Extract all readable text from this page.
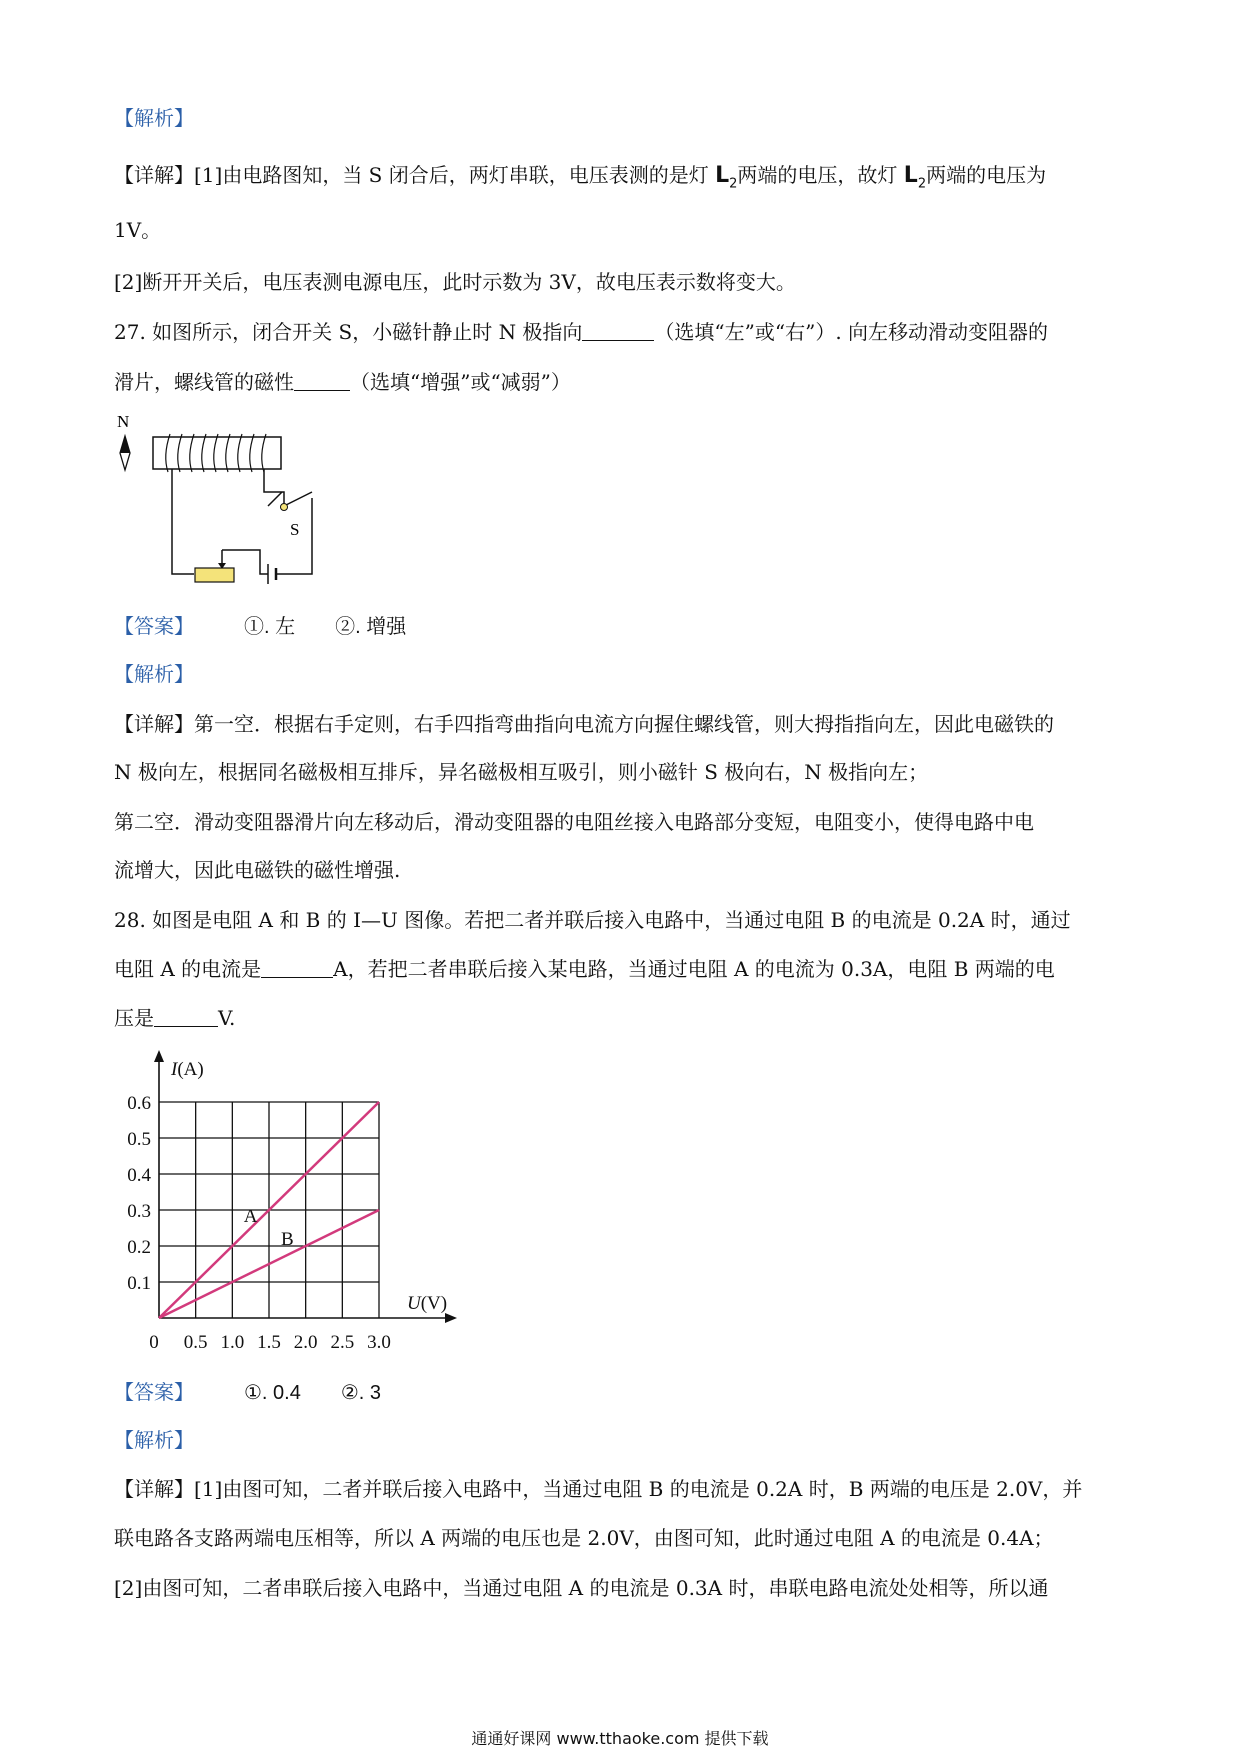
【解析】
【详解】[1]由电路图知，当 S 闭合后，两灯串联，电压表测的是灯 $L_2$两端的电压，故灯 $L_2$两端的电压为
1V。
[2]断开开关后，电压表测电源电压，此时示数为 3V，故电压表示数将变大。
27. 如图所示，闭合开关 S，小磁针静止时 N 极指向	（选填“左”或“右”）. 向左移动滑动变阻器的
滑片，螺线管的磁性	（选填“增强”或“减弱”）
N
S
【答案】	①. 左 ②. 增强
【解析】
【详解】第一空．根据右手定则，右手四指弯曲指向电流方向握住螺线管，则大拇指指向左，因此电磁铁的
N 极向左，根据同名磁极相互排斥，异名磁极相互吸引，则小磁针 S 极向右，N 极指向左；
第二空．滑动变阻器滑片向左移动后，滑动变阻器的电阻丝接入电路部分变短，电阻变小，使得电路中电
流增大，因此电磁铁的磁性增强.
28. 如图是电阻 A 和 B 的 I—U 图像。若把二者并联后接入电路中，当通过电阻 B 的电流是 0.2A 时，通过
电阻 A 的电流是	A，若把二者串联后接入某电路，当通过电阻 A 的电流为 0.3A，电阻 B 两端的电
压是	V.
I(A)
U(V)
0 0.5 1.0 1.5 2.0 2.5 3.0
0.6
0.5
0.4
0.3
0.2
0.1
A
B
【答案】	①. 0.4 ②. 3
【解析】
【详解】[1]由图可知，二者并联后接入电路中，当通过电阻 B 的电流是 0.2A 时，B 两端的电压是 2.0V，并
联电路各支路两端电压相等，所以 A 两端的电压也是 2.0V，由图可知，此时通过电阻 A 的电流是 0.4A；
[2]由图可知，二者串联后接入电路中，当通过电阻 A 的电流是 0.3A 时，串联电路电流处处相等，所以通
通通好课网 www.tthaoke.com 提供下载
